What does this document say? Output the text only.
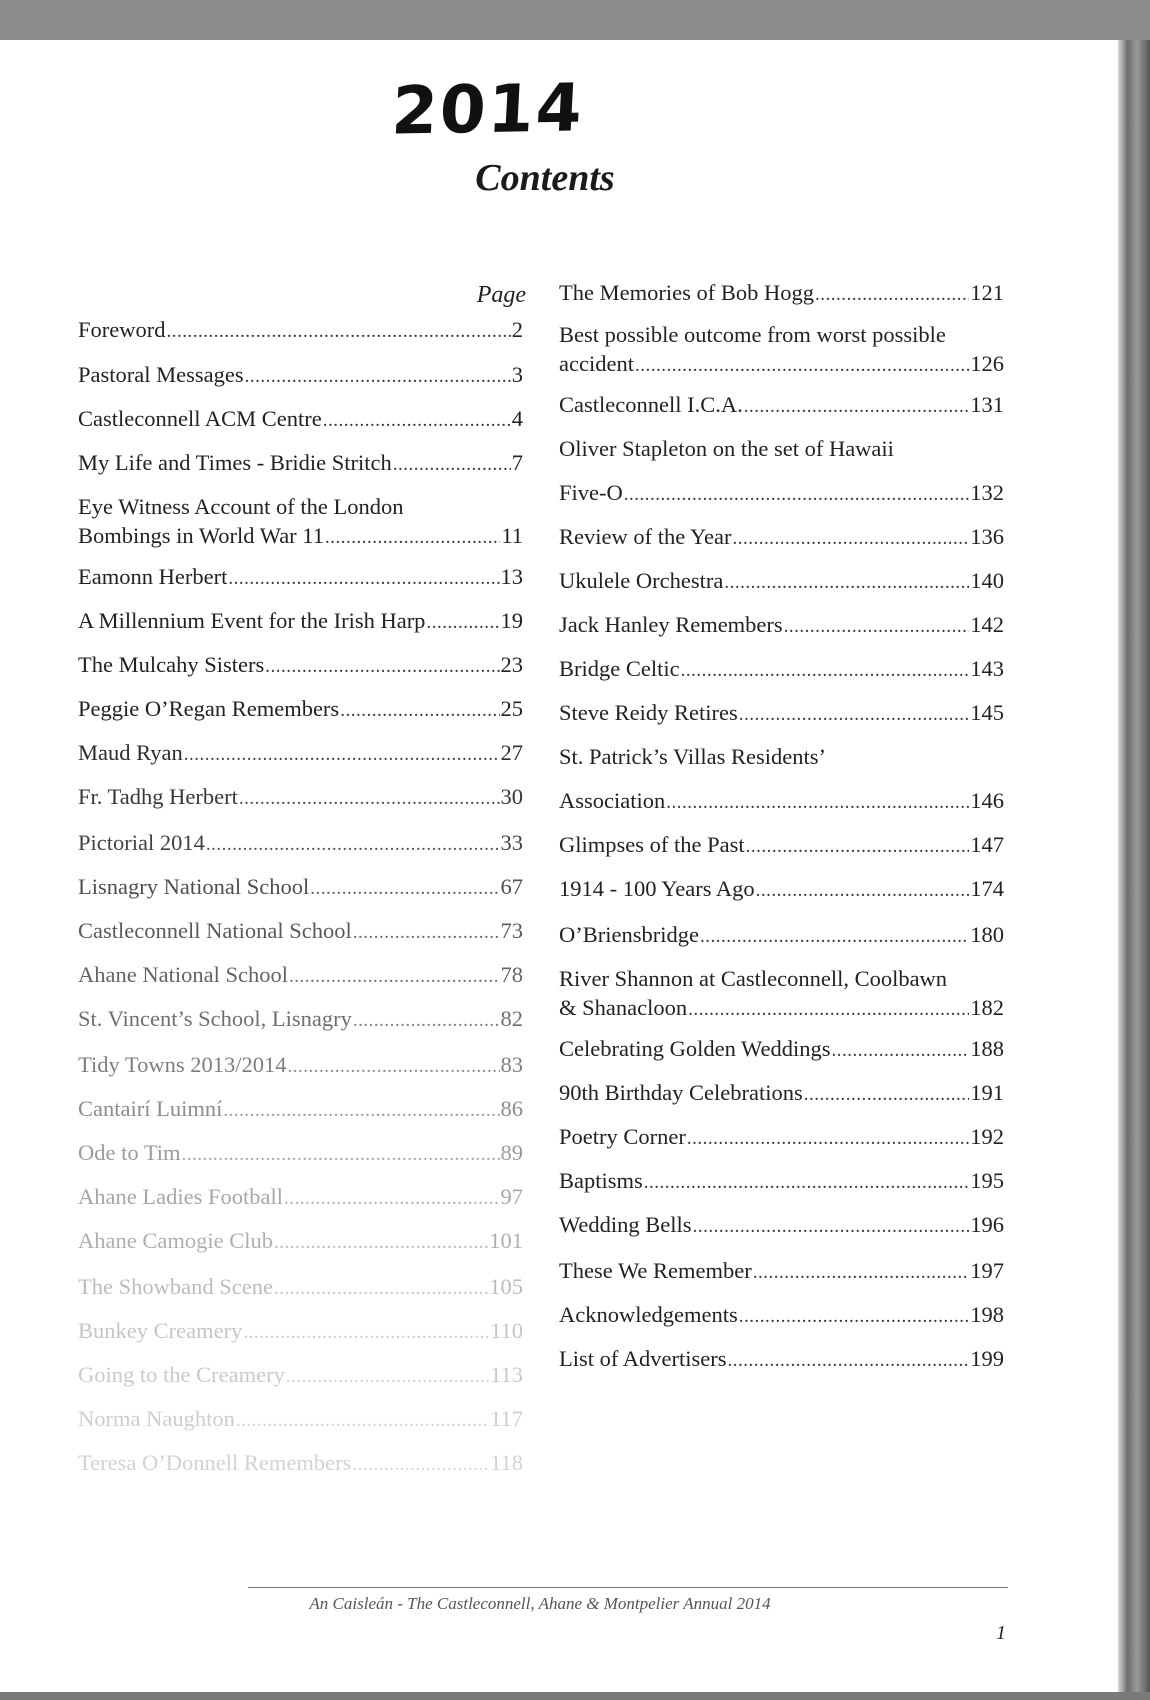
2014
Contents
Page
Foreword .....	2
Pastoral Messages .....	3
Castleconnell ACM Centre .....	4
My Life and Times - Bridie Stritch .....	7
Eye Witness Account of the London
Bombings in World War 11 .....	11
Eamonn Herbert .....	13
A Millennium Event for the Irish Harp .....	19
The Mulcahy Sisters .....	23
Peggie O’Regan Remembers .....	25
Maud Ryan .....	27
Fr. Tadhg Herbert .....	30
Pictorial 2014 .....	33
Lisnagry National School .....	67
Castleconnell National School .....	73
Ahane National School .....	78
St. Vincent’s School, Lisnagry .....	82
Tidy Towns 2013/2014 .....	83
Cantairí Luimní .....	86
Ode to Tim .....	89
Ahane Ladies Football .....	97
Ahane Camogie Club .....	101
The Showband Scene .....	105
Bunkey Creamery .....	110
Going to the Creamery .....	113
Norma Naughton .....	117
Teresa O’Donnell Remembers .....	118
The Memories of Bob Hogg .....	121
Best possible outcome from worst possible
accident .....	126
Castleconnell I.C.A. .....	131
Oliver Stapleton on the set of Hawaii
Five-O .....	132
Review of the Year .....	136
Ukulele Orchestra .....	140
Jack Hanley Remembers .....	142
Bridge Celtic .....	143
Steve Reidy Retires .....	145
St. Patrick’s Villas Residents’
Association .....	146
Glimpses of the Past .....	147
1914 - 100 Years Ago .....	174
O’Briensbridge .....	180
River Shannon at Castleconnell, Coolbawn
& Shanacloon .....	182
Celebrating Golden Weddings .....	188
90th Birthday Celebrations .....	191
Poetry Corner .....	192
Baptisms .....	195
Wedding Bells .....	196
These We Remember .....	197
Acknowledgements .....	198
List of Advertisers .....	199
An Caisleán - The Castleconnell, Ahane & Montpelier Annual 2014
1
